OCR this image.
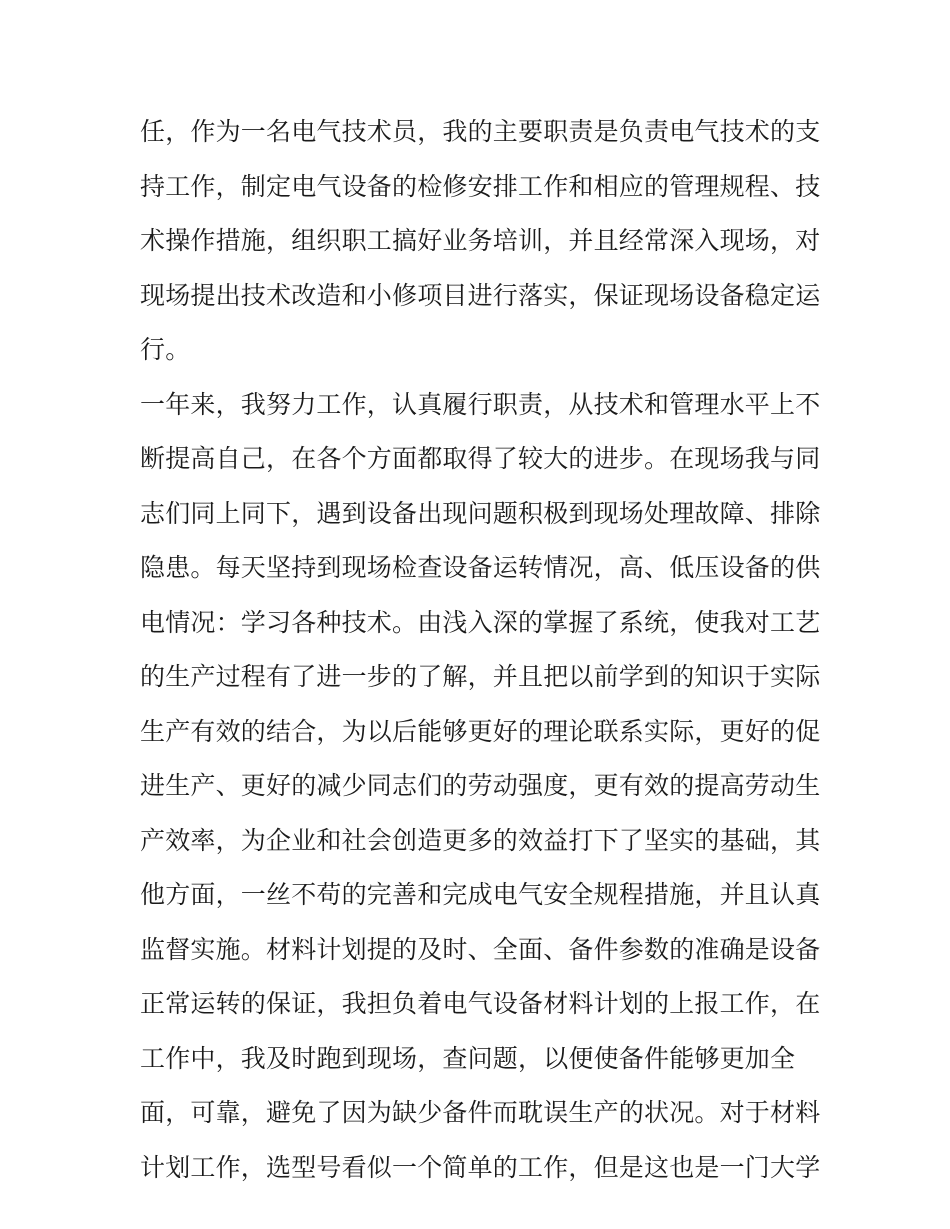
任，作为一名电气技术员，我的主要职责是负责电气技术的支
持工作，制定电气设备的检修安排工作和相应的管理规程、技
术操作措施，组织职工搞好业务培训，并且经常深入现场，对
现场提出技术改造和小修项目进行落实，保证现场设备稳定运
行。
一年来，我努力工作，认真履行职责，从技术和管理水平上不
断提高自己，在各个方面都取得了较大的进步。在现场我与同
志们同上同下，遇到设备出现问题积极到现场处理故障、排除
隐患。每天坚持到现场检查设备运转情况，高、低压设备的供
电情况：学习各种技术。由浅入深的掌握了系统，使我对工艺
的生产过程有了进一步的了解，并且把以前学到的知识于实际
生产有效的结合，为以后能够更好的理论联系实际，更好的促
进生产、更好的减少同志们的劳动强度，更有效的提高劳动生
产效率，为企业和社会创造更多的效益打下了坚实的基础，其
他方面，一丝不苟的完善和完成电气安全规程措施，并且认真
监督实施。材料计划提的及时、全面、备件参数的准确是设备
正常运转的保证，我担负着电气设备材料计划的上报工作，在
工作中，我及时跑到现场，查问题，以便使备件能够更加全
面，可靠，避免了因为缺少备件而耽误生产的状况。对于材料
计划工作，选型号看似一个简单的工作，但是这也是一门大学
